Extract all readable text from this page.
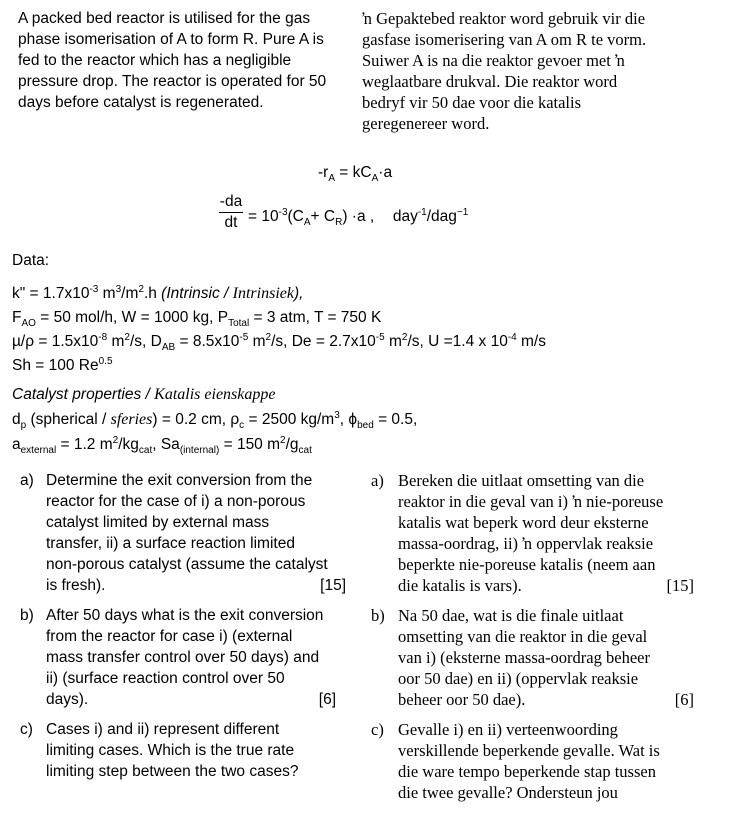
A packed bed reactor is utilised for the gas
phase isomerisation of A to form R. Pure A is
fed to the reactor which has a negligible
pressure drop. The reactor is operated for 50
days before catalyst is regenerated.
ŉ Gepaktebed reaktor word gebruik vir die
gasfase isomerisering van A om R te vorm.
Suiwer A is na die reaktor gevoer met ŉ
weglaatbare drukval. Die reaktor word
bedryf vir 50 dae voor die katalis
geregenereer word.
$-r_A = kC_A\cdot a$
-da
dt = $10^{-3}(C_A+ C_R) \cdot a$ , day$^{-1}$/dag$^{-1}$
Data:
k" = $1.7x10^{-3}$ $m^3/m^2.h$ (Intrinsic / Intrinsiek),
$F_{AO} = 50$ mol/h, W = 1000 kg, $P_{Total} = 3$ atm, T = 750 K
$\mu/\rho = 1.5x10^{-8}$ $m^2/s$, $D_{AB} = 8.5x10^{-5}$ $m^2/s$, $De = 2.7x10^{-5}$ $m^2/s$, U =1.4 x $10^{-4}$ m/s
Sh = 100 $Re^{0.5}$
Catalyst properties / Katalis eienskappe
$d_p$ (spherical / sferies) = 0.2 cm, $\rho_c = 2500$ $kg/m^3$, $\phi_{bed} = 0.5$,
$a_{external} = 1.2$ $m^2/kg_{cat}$, $Sa_{(internal)} = 150$ $m^2/g_{cat}$
a) Determine the exit conversion from the
reactor for the case of i) a non-porous
catalyst limited by external mass
transfer, ii) a surface reaction limited
non-porous catalyst (assume the catalyst
is fresh).	[15]
a) Bereken die uitlaat omsetting van die
reaktor in die geval van i) ŉ nie-poreuse
katalis wat beperk word deur eksterne
massa-oordrag, ii) ŉ oppervlak reaksie
beperkte nie-poreuse katalis (neem aan
die katalis is vars).	[15]
b) After 50 days what is the exit conversion
from the reactor for case i) (external
mass transfer control over 50 days) and
ii) (surface reaction control over 50
days).	[6]
b) Na 50 dae, wat is die finale uitlaat
omsetting van die reaktor in die geval
van i) (eksterne massa-oordrag beheer
oor 50 dae) en ii) (oppervlak reaksie
beheer oor 50 dae).	[6]
c) Cases i) and ii) represent different
limiting cases. Which is the true rate
limiting step between the two cases?
c) Gevalle i) en ii) verteenwoording
verskillende beperkende gevalle. Wat is
die ware tempo beperkende stap tussen
die twee gevalle? Ondersteun jou
